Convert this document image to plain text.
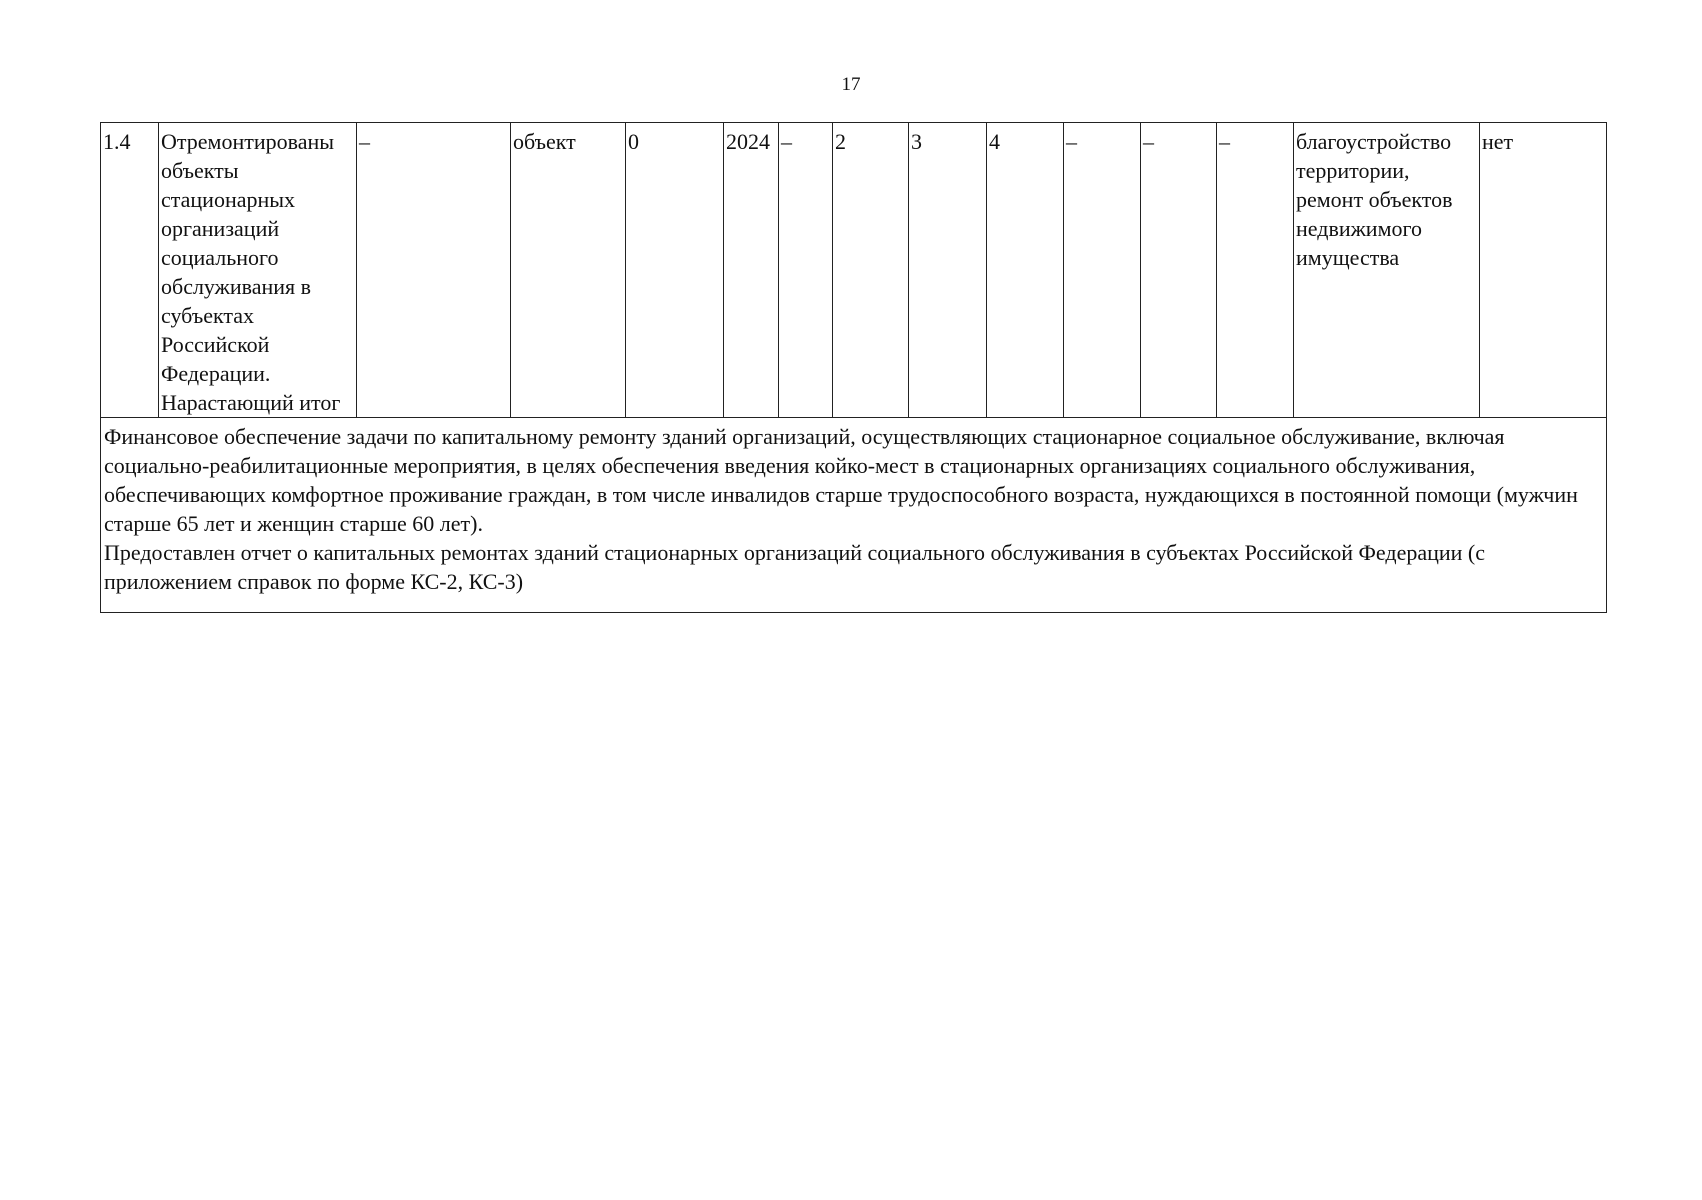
17
1.4	Отремонтированы объекты стационарных организаций социального обслуживания в субъектах Российской Федерации. Нарастающий итог	–	объект	0	2024	–	2	3	4	–	–	–	благоустройство территории, ремонт объектов недвижимого имущества	нет

Финансовое обеспечение задачи по капитальному ремонту зданий организаций, осуществляющих стационарное социальное обслуживание, включая социально-реабилитационные мероприятия, в целях обеспечения введения койко-мест в стационарных организациях социального обслуживания, обеспечивающих комфортное проживание граждан, в том числе инвалидов старше трудоспособного возраста, нуждающихся в постоянной помощи (мужчин старше 65 лет и женщин старше 60 лет).
Предоставлен отчет о капитальных ремонтах зданий стационарных организаций социального обслуживания в субъектах Российской Федерации (с приложением справок по форме КС-2, КС-3)
